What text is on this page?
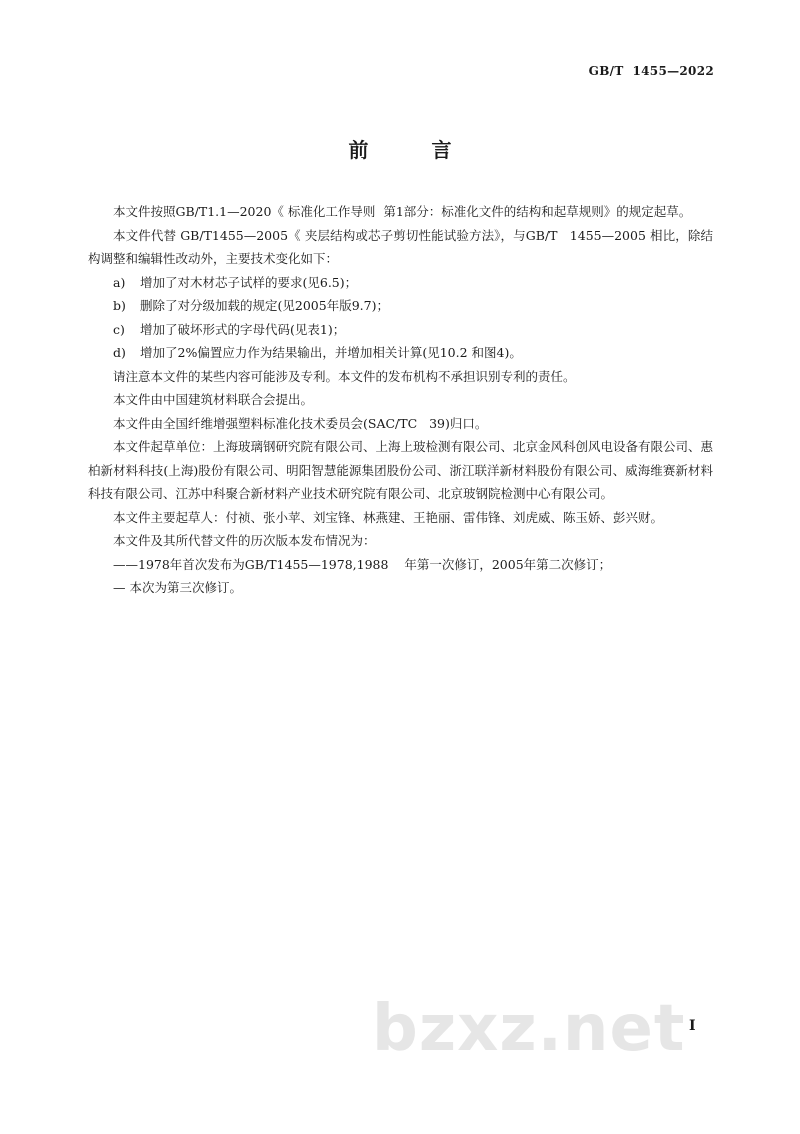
GB/T  1455—2022
前 言

本文件按照GB/T1.1—2020《 标准化工作导则  第1部分：标准化文件的结构和起草规则》的规定起草。

本文件代替 GB/T1455—2005《 夹层结构或芯子剪切性能试验方法》，与GB/T   1455—2005 相比，除结构调整和编辑性改动外，主要技术变化如下：

a) 增加了对木材芯子试样的要求(见6.5)；
b) 删除了对分级加载的规定(见2005年版9.7)；
c) 增加了破坏形式的字母代码(见表1)；
d) 增加了2%偏置应力作为结果输出，并增加相关计算(见10.2 和图4)。

请注意本文件的某些内容可能涉及专利。本文件的发布机构不承担识别专利的责任。

本文件由中国建筑材料联合会提出。

本文件由全国纤维增强塑料标准化技术委员会(SAC/TC   39)归口。

本文件起草单位：上海玻璃钢研究院有限公司、上海上玻检测有限公司、北京金风科创风电设备有限公司、惠柏新材料科技(上海)股份有限公司、明阳智慧能源集团股份公司、浙江联洋新材料股份有限公司、威海维赛新材料科技有限公司、江苏中科聚合新材料产业技术研究院有限公司、北京玻钢院检测中心有限公司。

本文件主要起草人：付祯、张小苹、刘宝锋、林燕建、王艳丽、雷伟锋、刘虎威、陈玉娇、彭兴财。

本文件及其所代替文件的历次版本发布情况为：

——1978年首次发布为GB/T1455—1978,1988    年第一次修订，2005年第二次修订；
— 本次为第三次修订。
bzxz.net I
